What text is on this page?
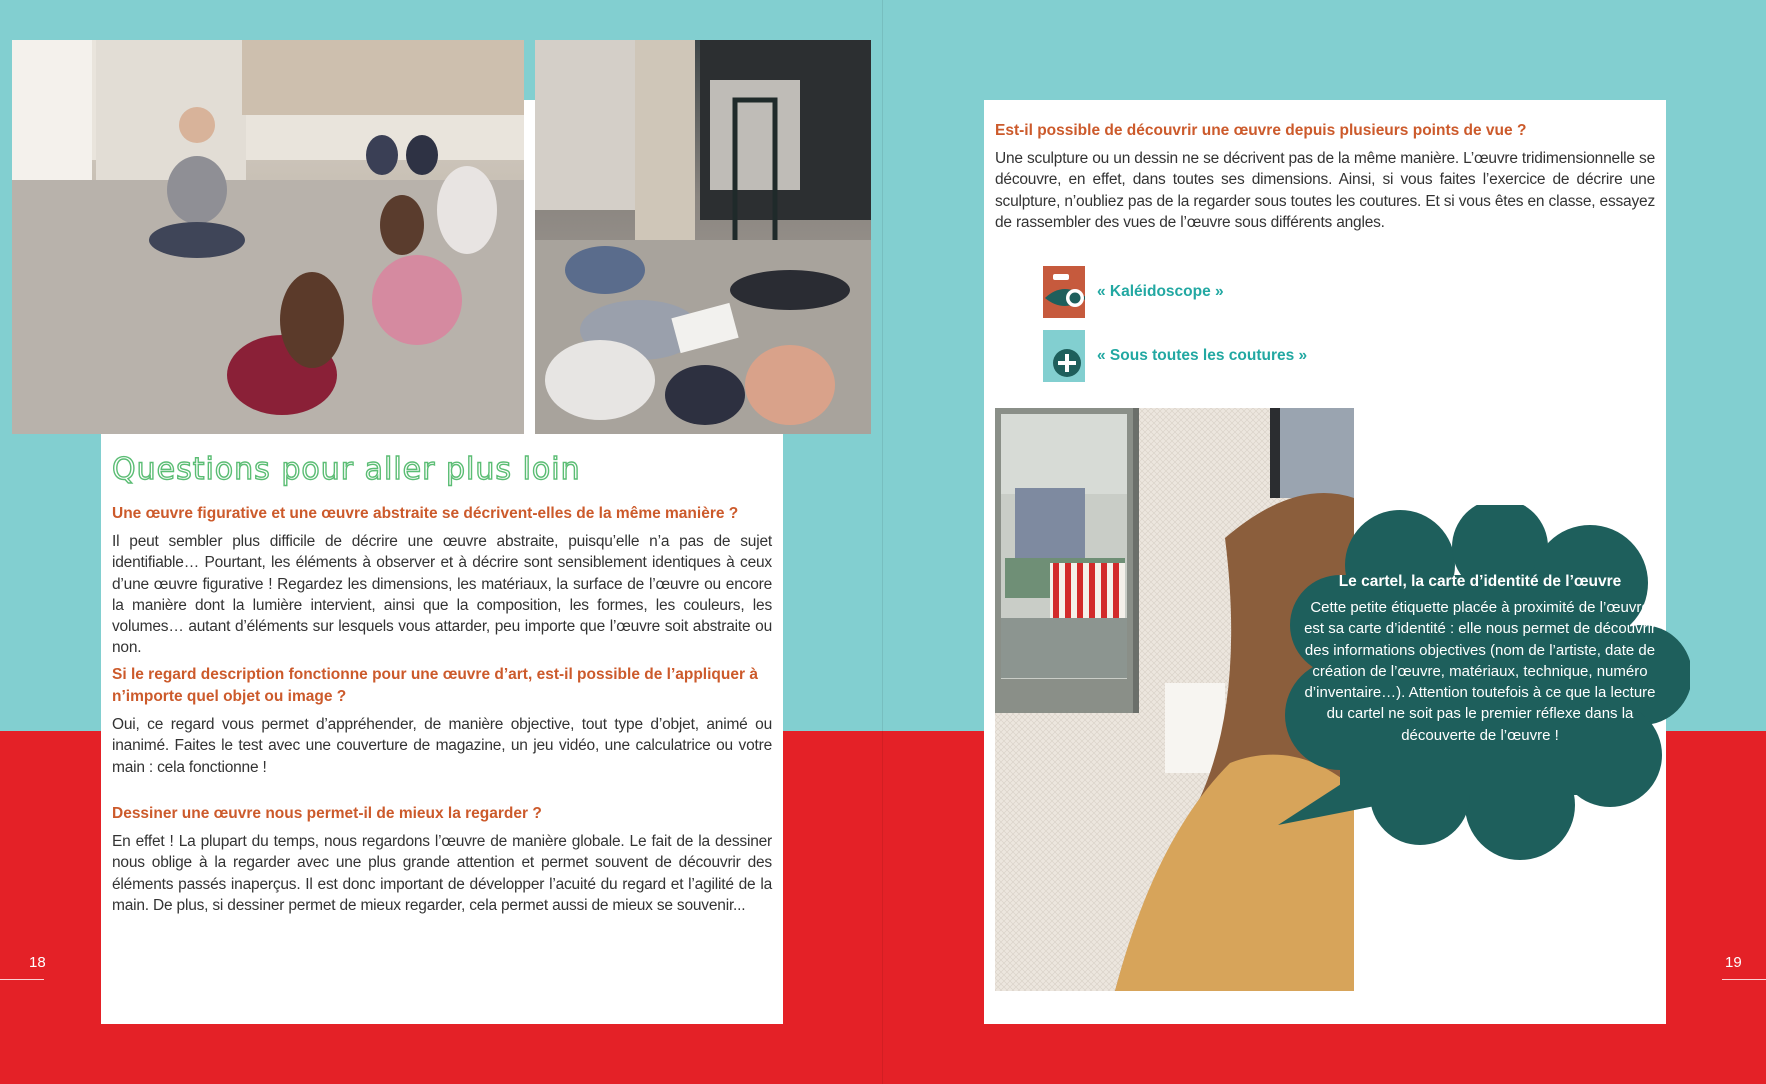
Questions pour aller plus loin
Une œuvre figurative et une œuvre abstraite se décrivent-elles de la même manière ?

Il peut sembler plus difficile de décrire une œuvre abstraite, puisqu’elle n’a pas de sujet identifiable… Pourtant, les éléments à observer et à décrire sont sensiblement identiques à ceux d’une œuvre figurative ! Regardez les dimensions, les matériaux, la surface de l’œuvre ou encore la manière dont la lumière intervient, ainsi que la composition, les formes, les couleurs, les volumes… autant d’éléments sur lesquels vous attarder, peu importe que l’œuvre soit abstraite ou non.

Si le regard description fonctionne pour une œuvre d’art, est-il possible de l’appliquer à n’importe quel objet ou image ?

Oui, ce regard vous permet d’appréhender, de manière objective, tout type d’objet, animé ou inanimé. Faites le test avec une couverture de magazine, un jeu vidéo, une calculatrice ou votre main : cela fonctionne !

Dessiner une œuvre nous permet-il de mieux la regarder ?

En effet ! La plupart du temps, nous regardons l’œuvre de manière globale. Le fait de la dessiner nous oblige à la regarder avec une plus grande attention et permet souvent de découvrir des éléments passés inaperçus. Il est donc important de développer l’acuité du regard et l’agilité de la main. De plus, si dessiner permet de mieux regarder, cela permet aussi de mieux se souvenir...

18
Est-il possible de découvrir une œuvre depuis plusieurs points de vue ?

Une sculpture ou un dessin ne se décrivent pas de la même manière. L’œuvre tridimensionnelle se découvre, en effet, dans toutes ses dimensions. Ainsi, si vous faites l’exercice de décrire une sculpture, n’oubliez pas de la regarder sous toutes les coutures. Et si vous êtes en classe, essayez de rassembler des vues de l’œuvre sous différents angles.

« Kaléidoscope »
« Sous toutes les coutures »

Le cartel, la carte d’identité de l’œuvre

Cette petite étiquette placée à proximité de l’œuvre est sa carte d’identité : elle nous permet de découvrir des informations objectives (nom de l’artiste, date de création de l’œuvre, matériaux, technique, numéro d’inventaire…). Attention toutefois à ce que la lecture du cartel ne soit pas le premier réflexe dans la découverte de l’œuvre !

19
